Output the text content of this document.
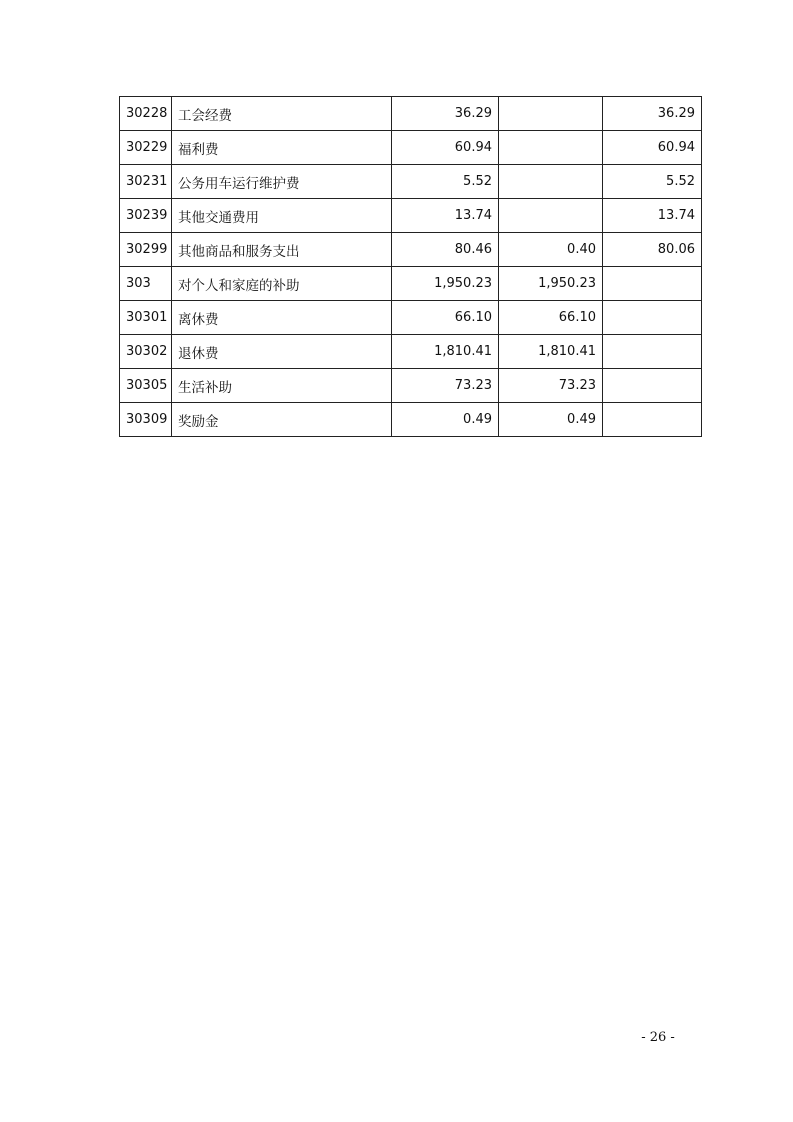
30228	工会经费	36.29		36.29
30229	福利费	60.94		60.94
30231	公务用车运行维护费	5.52		5.52
30239	其他交通费用	13.74		13.74
30299	其他商品和服务支出	80.46	0.40	80.06
303	对个人和家庭的补助	1,950.23	1,950.23	
30301	离休费	66.10	66.10	
30302	退休费	1,810.41	1,810.41	
30305	生活补助	73.23	73.23	
30309	奖励金	0.49	0.49	
- 26 -
